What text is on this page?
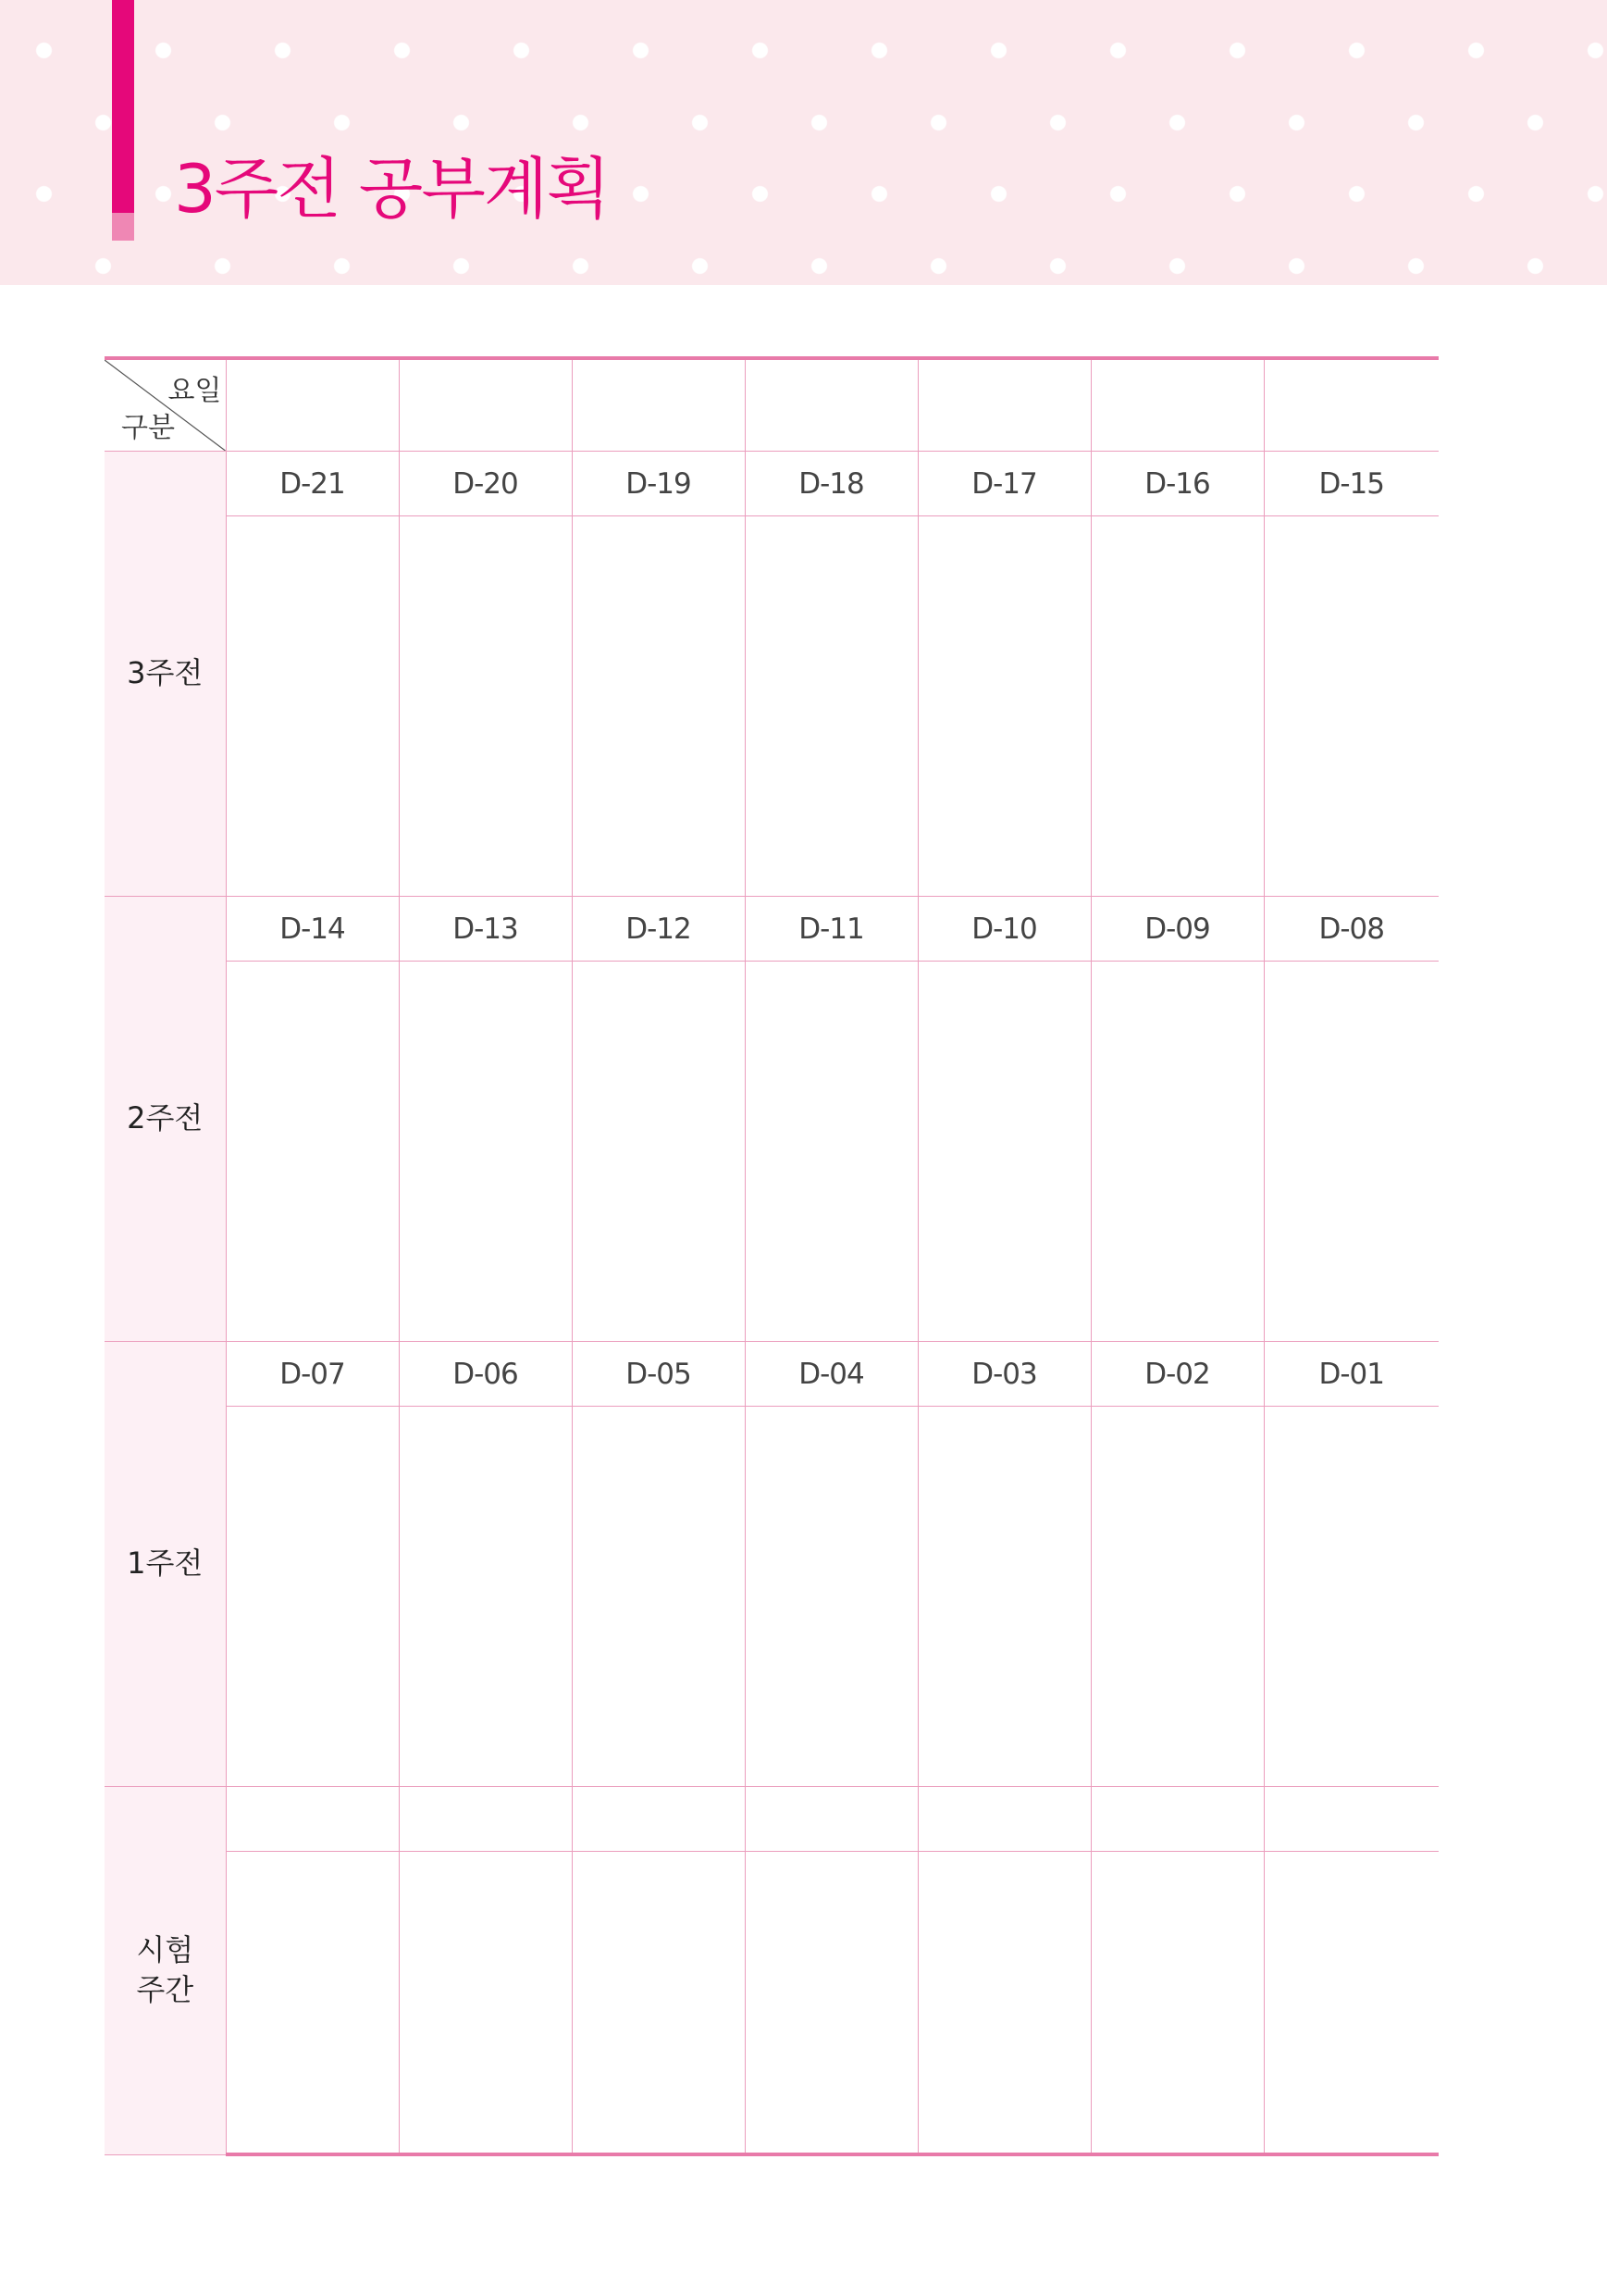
3주전 공부계획
요일
구분							

3주전	D-21	D-20	D-19	D-18	D-17	D-16	D-15

2주전	D-14	D-13	D-12	D-11	D-10	D-09	D-08

1주전	D-07	D-06	D-05	D-04	D-03	D-02	D-01

시험
주간							
